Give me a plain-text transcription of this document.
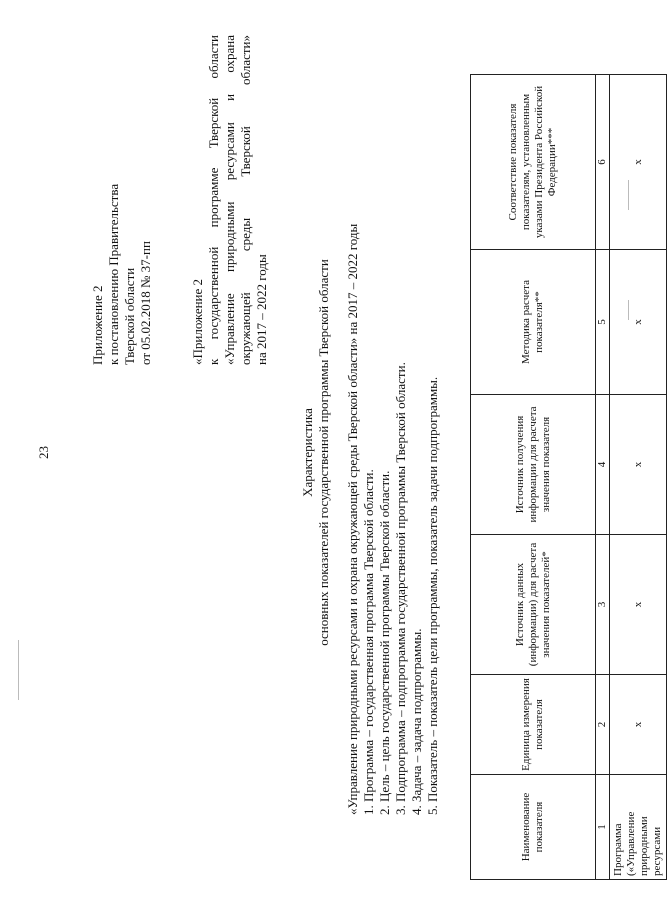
23
Приложение 2 к постановлению Правительства Тверской области от 05.02.2018 № 37-пп	«Приложение 2 к государственной программе Тверской области «Управление природными ресурсами и охрана окружающей среды Тверской области» на 2017 – 2022 годы
Характеристика основных показателей государственной программы Тверской области «Управление природными ресурсами и охрана окружающей среды Тверской области» на 2017 – 2022 годы 1. Программа – государственная программа Тверской области. 2. Цель – цель государственной программы Тверской области. 3. Подпрограмма – подпрограмма государственной программы Тверской области. 4. Задача – задача подпрограммы. 5. Показатель – показатель цели программы, показатель задачи подпрограммы.
Наименование показателя	Единица измерения показателя	Источник данных (информации) для расчета значения показателей*	Источник получения информации для расчета значения показателя	Методика расчета показателя**	Соответствие показателя показателям, установленным указами Президента Российской Федерации***
1	2	3	4	5	6
Программа («Управление природными ресурсами	х	х	х	х	х
